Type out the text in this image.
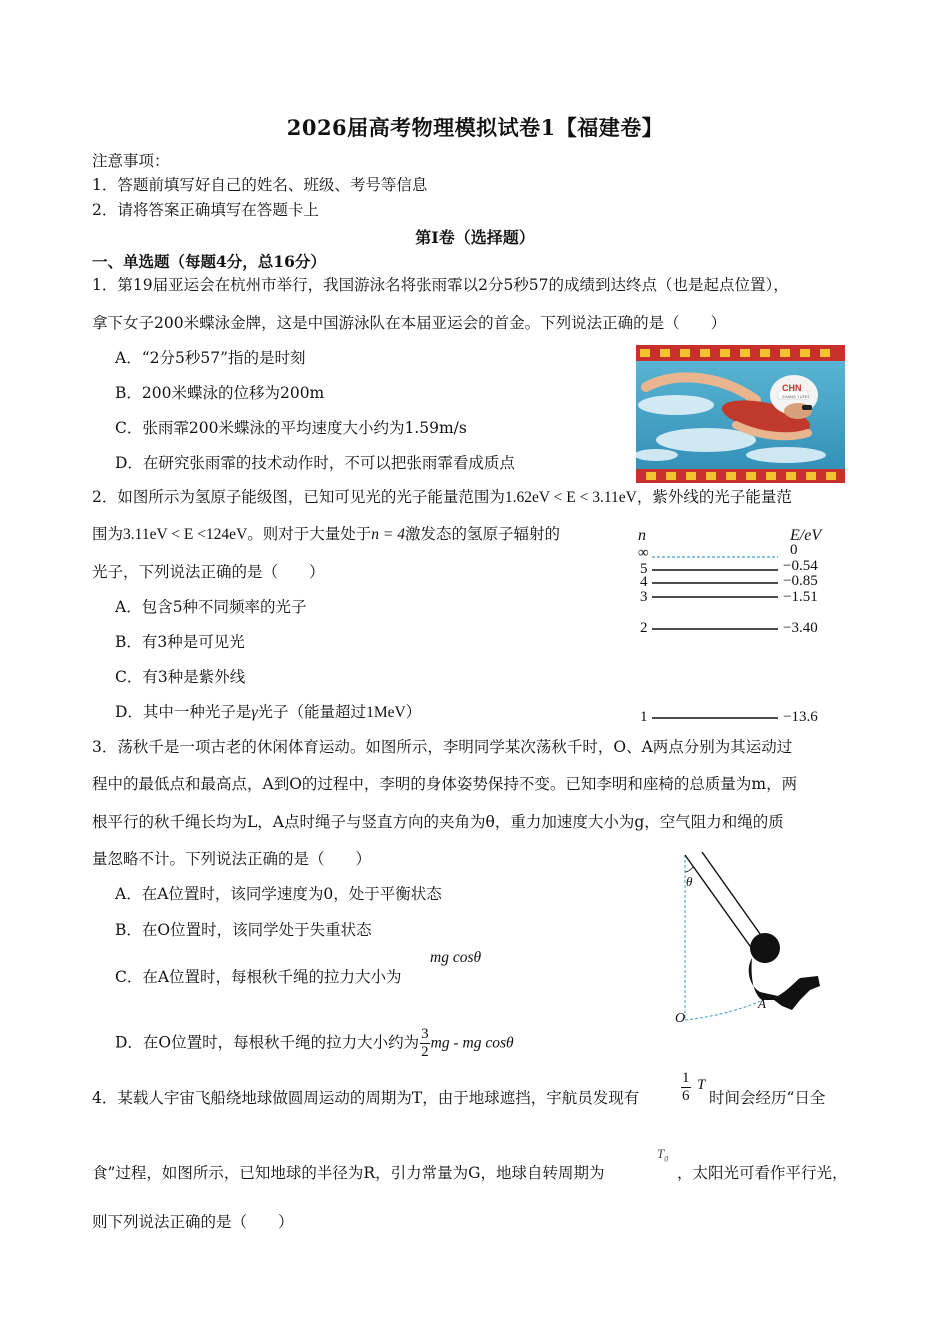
2026届高考物理模拟试卷1【福建卷】
注意事项：
1．答题前填写好自己的姓名、班级、考号等信息
2．请将答案正确填写在答题卡上
第I卷（选择题）
一、单选题（每题4分，总16分）
1．第19届亚运会在杭州市举行，我国游泳名将张雨霏以2分5秒57的成绩到达终点（也是起点位置），
拿下女子200米蝶泳金牌，这是中国游泳队在本届亚运会的首金。下列说法正确的是（　　）
A．“2分5秒57”指的是时刻
B．200米蝶泳的位移为200m
C．张雨霏200米蝶泳的平均速度大小约为1.59m/s
D．在研究张雨霏的技术动作时，不可以把张雨霏看成质点
CHN
ZHANG YUFEI
2．如图所示为氢原子能级图，已知可见光的光子能量范围为1.62eV < E < 3.11eV，紫外线的光子能量范
围为3.11eV < E <124eV。则对于大量处于n = 4激发态的氢原子辐射的
光子，下列说法正确的是（　　）
A．包含5种不同频率的光子
B．有3种是可见光
C．有3种是紫外线
D．其中一种光子是γ光子（能量超过1MeV）
n	E/eV
∞	0
5	−0.54
4	−0.85
3	−1.51
2	−3.40
1	−13.6
3．荡秋千是一项古老的休闲体育运动。如图所示，李明同学某次荡秋千时，O、A两点分别为其运动过
程中的最低点和最高点，A到O的过程中，李明的身体姿势保持不变。已知李明和座椅的总质量为m，两
根平行的秋千绳长均为L，A点时绳子与竖直方向的夹角为θ，重力加速度大小为g，空气阻力和绳的质
量忽略不计。下列说法正确的是（　　）
A．在A位置时，该同学速度为0，处于平衡状态
B．在O位置时，该同学处于失重状态
C．在A位置时，每根秋千绳的拉力大小为
mg cosθ
D．在O位置时，每根秋千绳的拉力大小约为 $\frac{3}{2}$ mg - mg cosθ
θ
O
A
4．某载人宇宙飞船绕地球做圆周运动的周期为T，由于地球遮挡，宇航员发现有	$\frac{1}{6}$ T
时间会经历“日全
食”过程，如图所示，已知地球的半径为R，引力常量为G，地球自转周期为
$T_0$
，太阳光可看作平行光，
则下列说法正确的是（　　）
